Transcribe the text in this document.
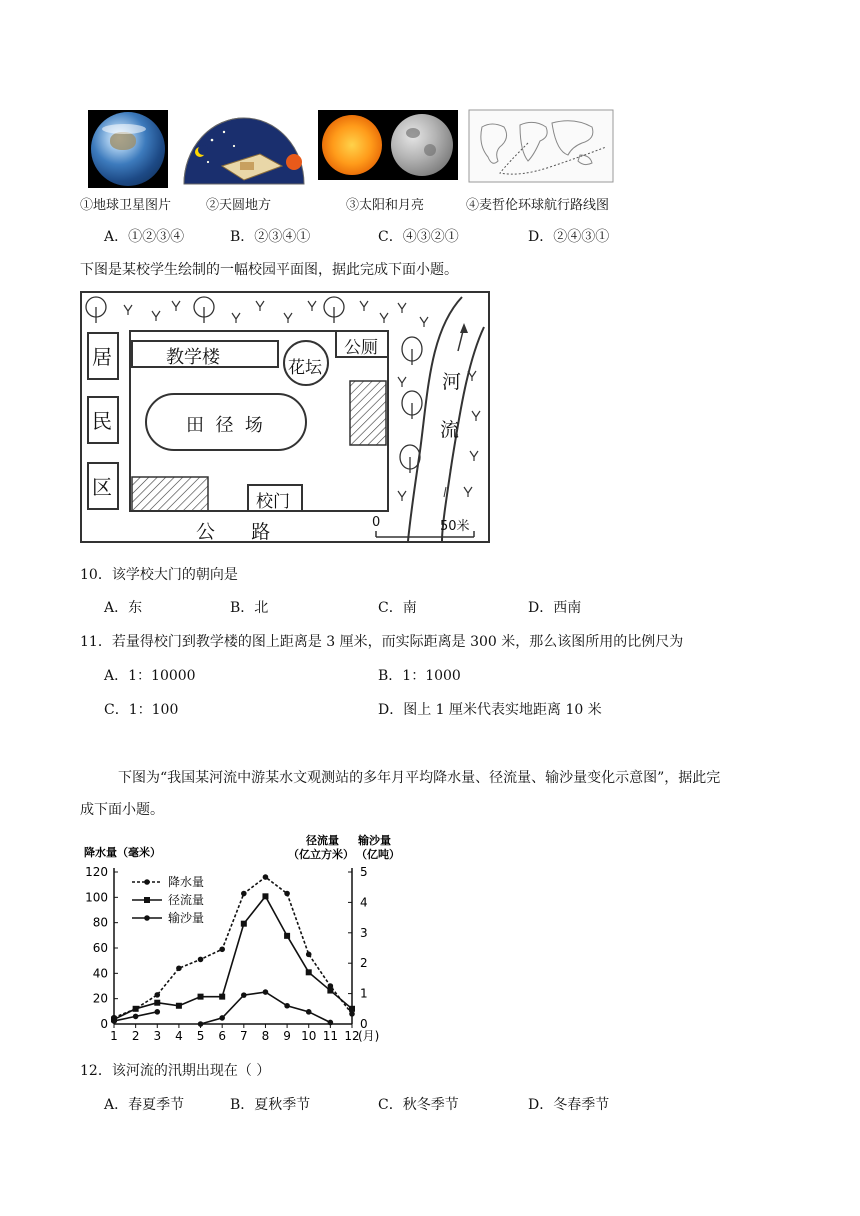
①地球卫星图片	②天圆地方	③太阳和月亮	④麦哲伦环球航行路线图
A．①②③④	B．②③④①	C．④③②①	D．②④③①
下图是某校学生绘制的一幅校园平面图，据此完成下面小题。
居
民
区
教学楼	花坛
公厕
田  径  场
校门
公      路
河
流
0	50米
10．该学校大门的朝向是
A．东	B．北	C．南	D．西南
11．若量得校门到教学楼的图上距离是 3 厘米，而实际距离是 300 米，那么该图所用的比例尺为
A．1：10000	B．1：1000
C．1：100	D．图上 1 厘米代表实地距离 10 米
下图为“我国某河流中游某水文观测站的多年月平均降水量、径流量、输沙量变化示意图”，据此完
成下面小题。
降水量（毫米）
径流量
（亿立方米）
输沙量
（亿吨）
0
20
40
60
80
100
120
0
1
2
3
4
5
1 2 3 4 5 6 7 8 9 10 11 12
(月)
降水量
径流量
输沙量
12．该河流的汛期出现在（ ）
A．春夏季节	B．夏秋季节	C．秋冬季节	D．冬春季节
